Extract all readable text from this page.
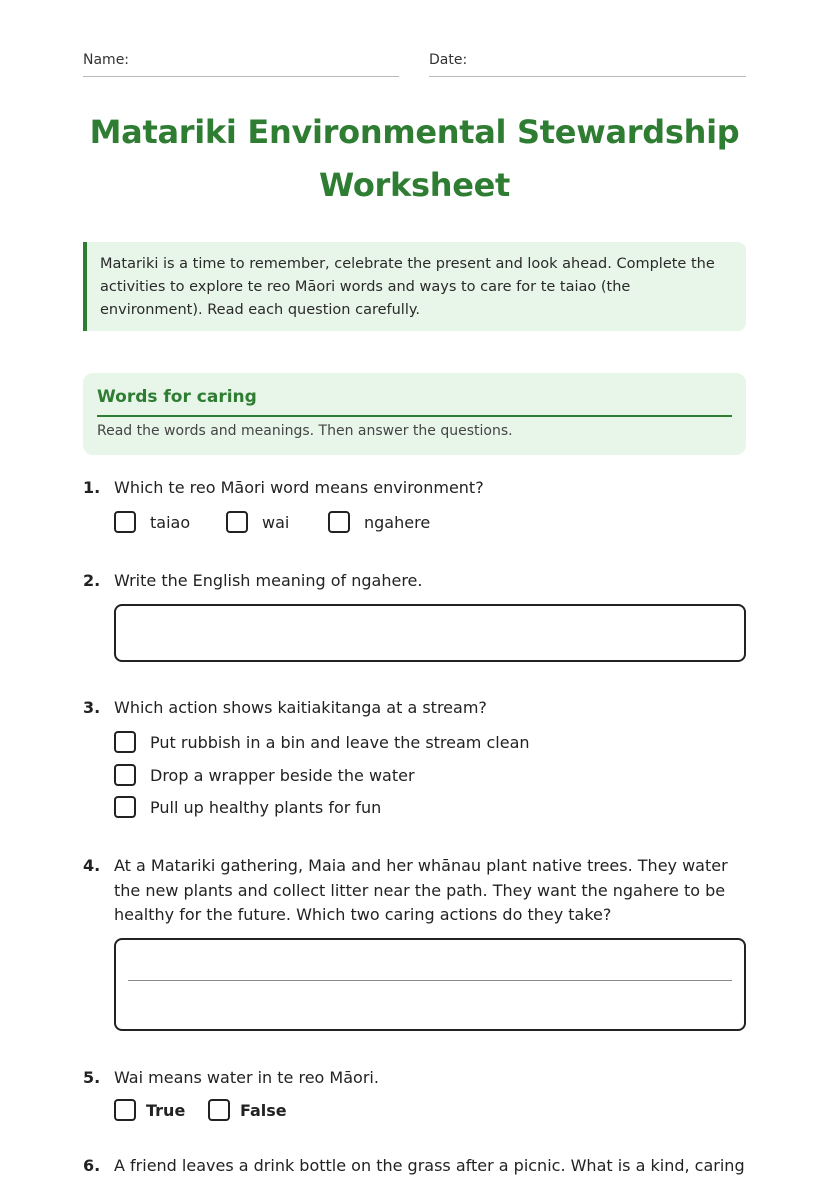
Name:	Date:
Matariki Environmental Stewardship Worksheet
Matariki is a time to remember, celebrate the present and look ahead. Complete the activities to explore te reo Māori words and ways to care for te taiao (the environment). Read each question carefully.
Words for caring
Read the words and meanings. Then answer the questions.
1. Which te reo Māori word means environment?
taiao	wai	ngahere
2. Write the English meaning of ngahere.
3. Which action shows kaitiakitanga at a stream?
Put rubbish in a bin and leave the stream clean
Drop a wrapper beside the water
Pull up healthy plants for fun
4. At a Matariki gathering, Maia and her whānau plant native trees. They water the new plants and collect litter near the path. They want the ngahere to be healthy for the future. Which two caring actions do they take?
5. Wai means water in te reo Māori.
True	False
6. A friend leaves a drink bottle on the grass after a picnic. What is a kind, caring
